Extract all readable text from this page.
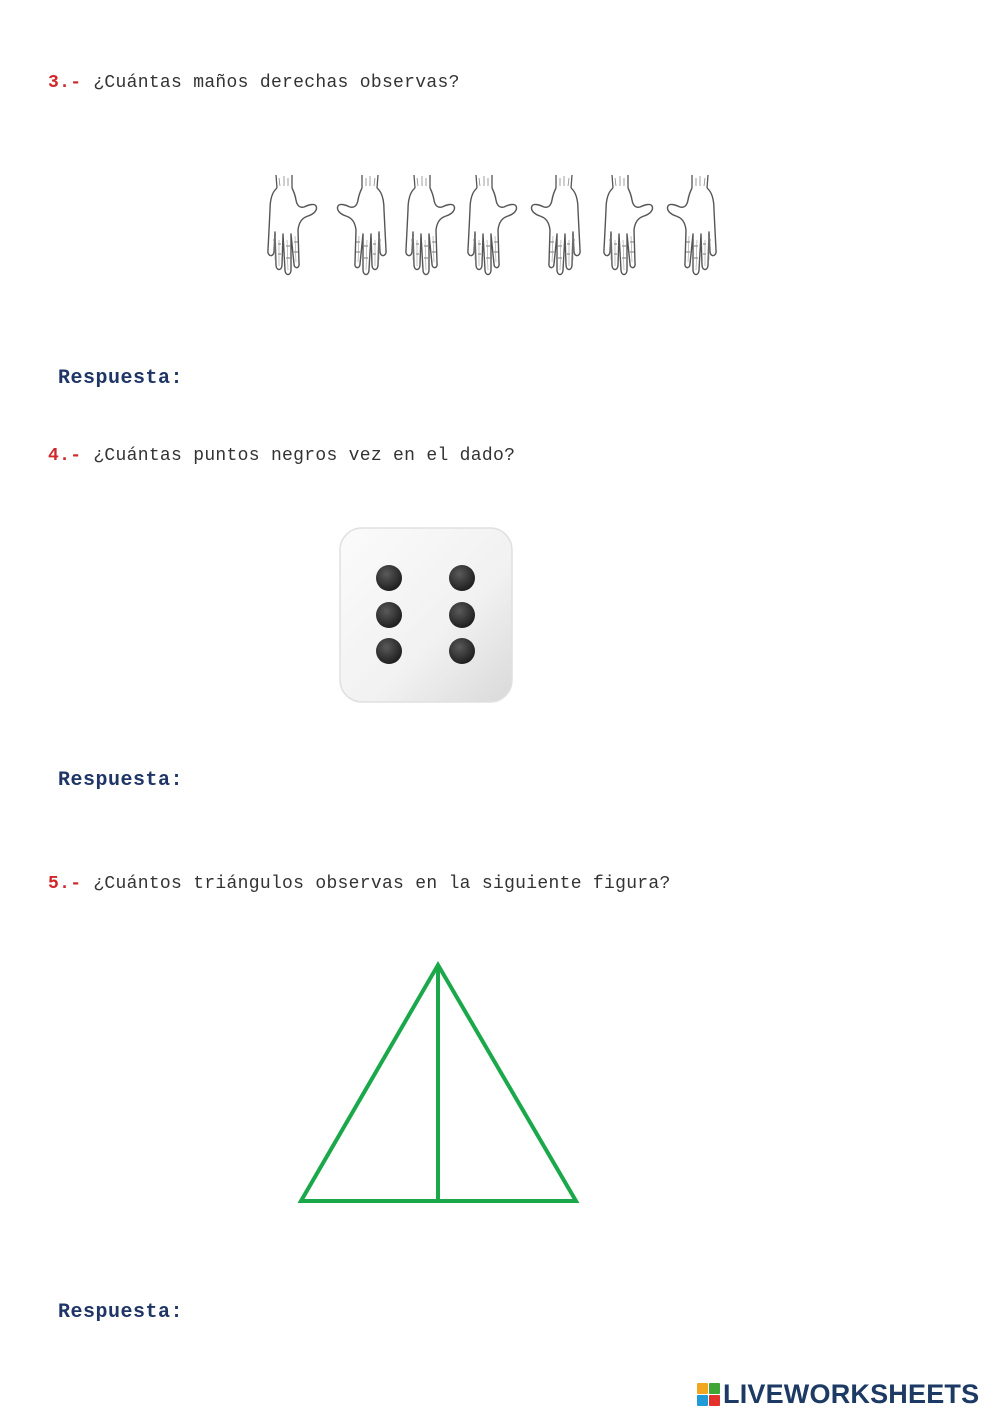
3.- ¿Cuántas maños derechas observas?
Respuesta:
4.- ¿Cuántas puntos negros vez en el dado?
Respuesta:
5.- ¿Cuántos triángulos observas en la siguiente figura?
Respuesta:
LIVEWORKSHEETS
